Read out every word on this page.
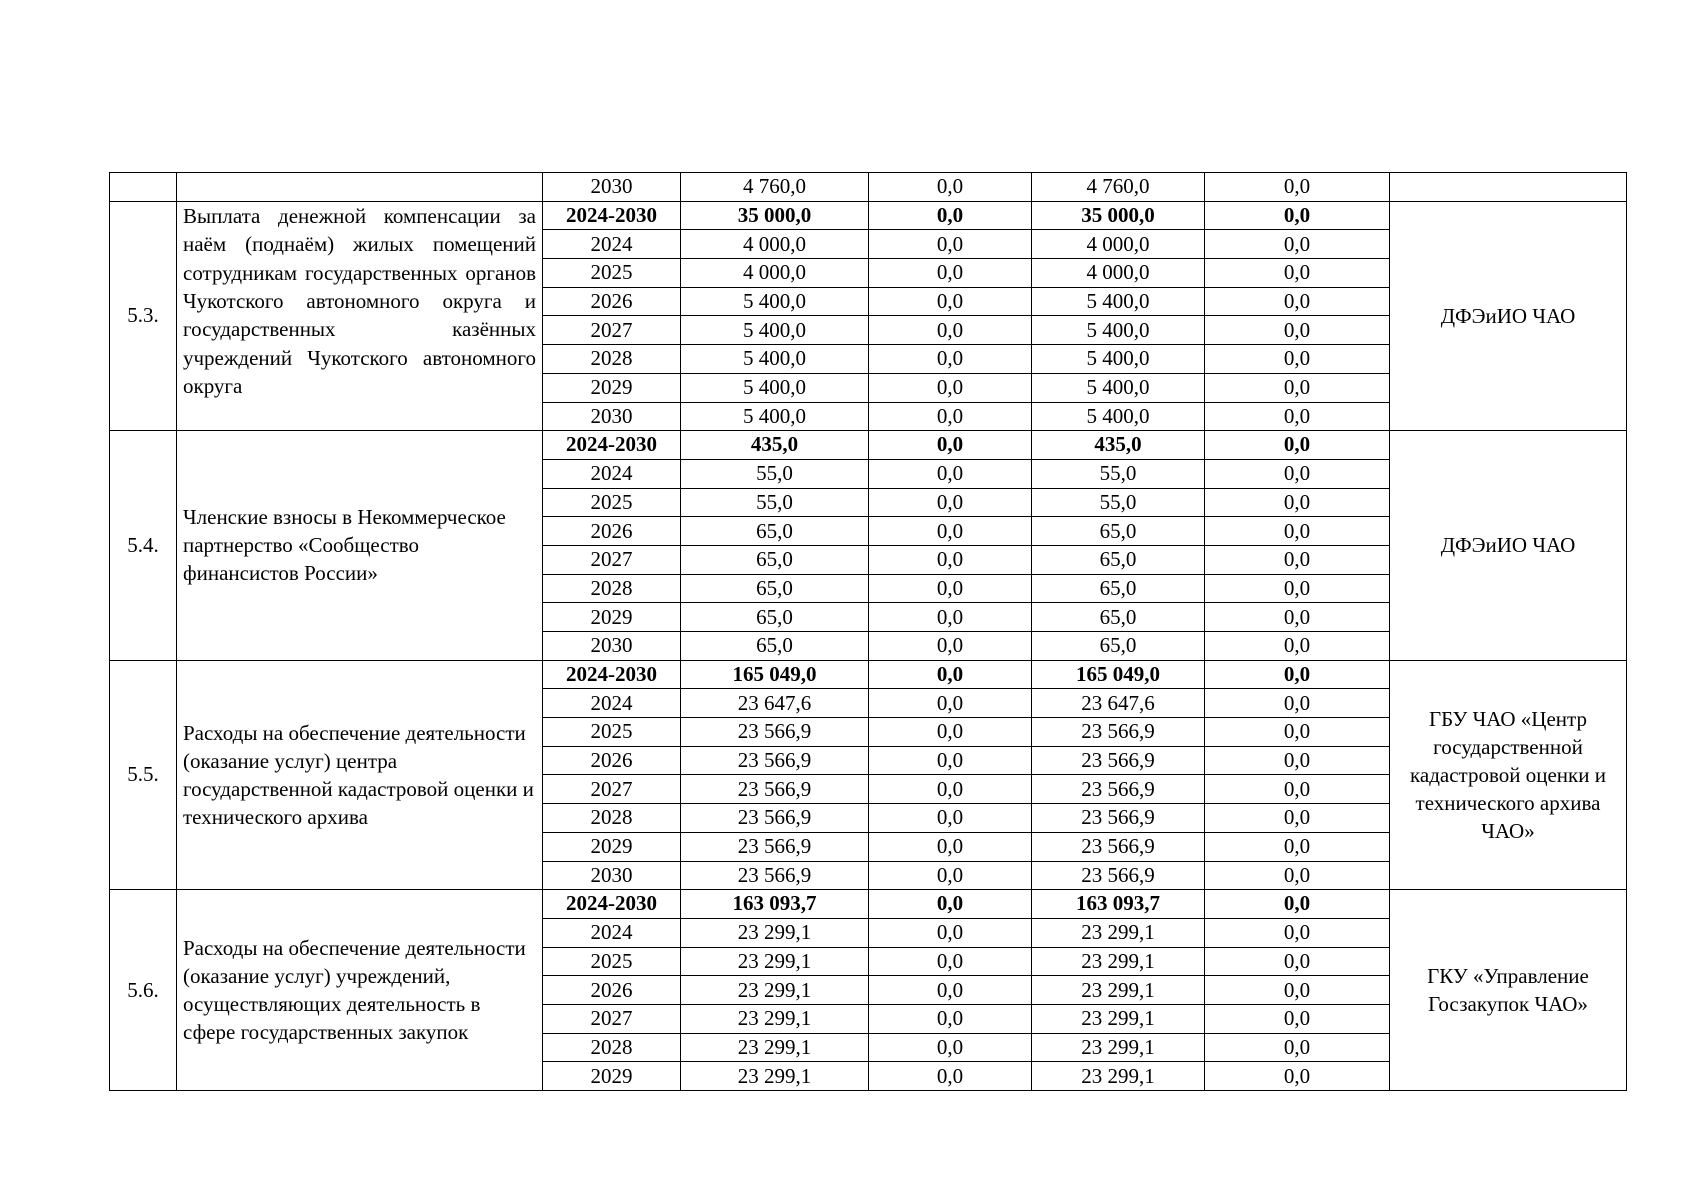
		2030	4 760,0	0,0	4 760,0	0,0	
5.3.	Выплата денежной компенсации за наём (поднаём) жилых помещений сотрудникам государственных органов Чукотского автономного округа и государственных казённых учреждений Чукотского автономного округа	2024-2030	35 000,0	0,0	35 000,0	0,0	ДФЭиИО ЧАО
		2024	4 000,0	0,0	4 000,0	0,0	
		2025	4 000,0	0,0	4 000,0	0,0	
		2026	5 400,0	0,0	5 400,0	0,0	
		2027	5 400,0	0,0	5 400,0	0,0	
		2028	5 400,0	0,0	5 400,0	0,0	
		2029	5 400,0	0,0	5 400,0	0,0	
		2030	5 400,0	0,0	5 400,0	0,0	
5.4.	Членские взносы в Некоммерческое партнерство «Сообщество финансистов России»	2024-2030	435,0	0,0	435,0	0,0	ДФЭиИО ЧАО
		2024	55,0	0,0	55,0	0,0	
		2025	55,0	0,0	55,0	0,0	
		2026	65,0	0,0	65,0	0,0	
		2027	65,0	0,0	65,0	0,0	
		2028	65,0	0,0	65,0	0,0	
		2029	65,0	0,0	65,0	0,0	
		2030	65,0	0,0	65,0	0,0	
5.5.	Расходы на обеспечение деятельности (оказание услуг) центра государственной кадастровой оценки и технического архива	2024-2030	165 049,0	0,0	165 049,0	0,0	ГБУ ЧАО «Центр государственной кадастровой оценки и технического архива ЧАО»
		2024	23 647,6	0,0	23 647,6	0,0	
		2025	23 566,9	0,0	23 566,9	0,0	
		2026	23 566,9	0,0	23 566,9	0,0	
		2027	23 566,9	0,0	23 566,9	0,0	
		2028	23 566,9	0,0	23 566,9	0,0	
		2029	23 566,9	0,0	23 566,9	0,0	
		2030	23 566,9	0,0	23 566,9	0,0	
5.6.	Расходы на обеспечение деятельности (оказание услуг) учреждений, осуществляющих деятельность в сфере государственных закупок	2024-2030	163 093,7	0,0	163 093,7	0,0	ГКУ «Управление Госзакупок ЧАО»
		2024	23 299,1	0,0	23 299,1	0,0	
		2025	23 299,1	0,0	23 299,1	0,0	
		2026	23 299,1	0,0	23 299,1	0,0	
		2027	23 299,1	0,0	23 299,1	0,0	
		2028	23 299,1	0,0	23 299,1	0,0	
		2029	23 299,1	0,0	23 299,1	0,0	
